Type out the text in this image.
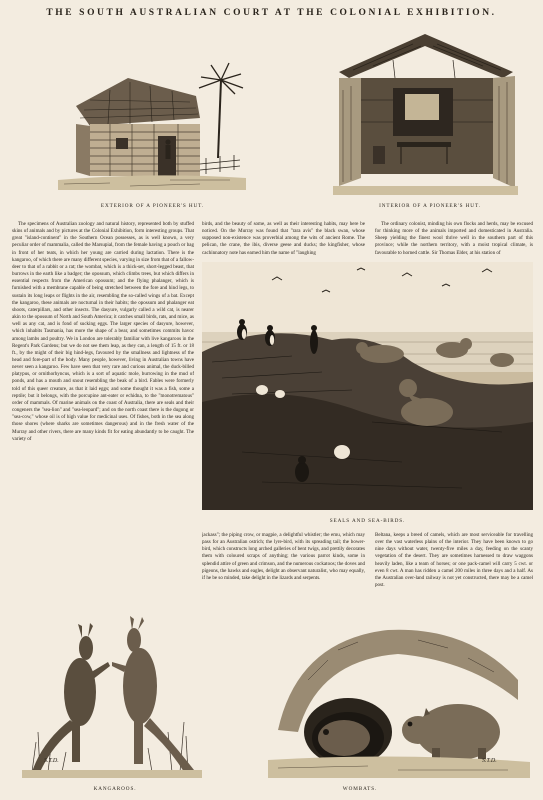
THE SOUTH AUSTRALIAN COURT AT THE COLONIAL EXHIBITION.
EXTERIOR OF A PIONEER'S HUT.	INTERIOR OF A PIONEER'S HUT.

The specimens of Australian zoology and natural history, represented both by stuffed skins of animals and by pictures at the Colonial Exhibition, form interesting groups. That great "island-continent" in the Southern Ocean possesses, as is well known, a very peculiar order of mammalia, called the Marsupial, from the female having a pouch or bag in front of her teats, in which her young are carried during lactation. There is the kangaroo, of which there are many different species, varying in size from that of a fallow-deer to that of a rabbit or a rat; the wombat, which is a thick-set, short-legged beast, that burrows in the earth like a badger; the opossum, which climbs trees, but which differs in essential respects from the American opossum; and the flying phalanger, which is furnished with a membrane capable of being stretched between the fore and hind legs, to sustain its long leaps or flights in the air, resembling the so-called wings of a bat. Except the kangaroo, these animals are nocturnal in their habits; the opossum and phalanger eat shoots, caterpillars, and other insects. The dasyure, vulgarly called a wild cat, is nearer akin to the opossum of North and South America; it catches small birds, rats, and mice, as well as any cat, and is fond of sucking eggs. The larger species of dasyure, however, which inhabits Tasmania, has more the shape of a bear, and sometimes commits havoc among lambs and poultry. We in London are tolerably familiar with live kangaroos in the Regent's Park Gardens; but we do not see them leap, as they can, a length of 15 ft. or 18 ft., by the might of their big hind-legs, favoured by the smallness and lightness of the head and fore-part of the body. Many people, however, living in Australian towns have never seen a kangaroo. Few have seen that very rare and curious animal, the duck-billed platypus, or ornithorhyncus, which is a sort of aquatic mole, burrowing in the mud of ponds, and has a mouth and snout resembling the beak of a bird. Fables were formerly told of this queer creature, as that it laid eggs; and some thought it was a fish, some a reptile; but it belongs, with the porcupine ant-eater or echidna, to the "monotrematous" order of mammals. Of marine animals on the coast of Australia, there are seals and their congeners the "sea-lion" and "sea-leopard"; and on the north coast there is the dugong or "sea-cow," whose oil is of high value for medicinal uses. Of fishes, both in the sea along those shores (where sharks are sometimes dangerous) and in the fresh water of the Murray and other rivers, there are many kinds fit for eating abundantly to be caught. The variety of

birds, and the beauty of some, as well as their interesting habits, may here be noticed. On the Murray was found that "rara avis" the black swan, whose supposed non-existence was proverbial among the wits of ancient Rome. The pelican, the crane, the ibis, diverse geese and ducks; the kingfisher, whose cachinnatory note has earned him the name of "laughing

The ordinary colonist, minding his own flocks and herds, may be excused for thinking more of the animals imported and domesticated in Australia. Sheep yielding the finest wool thrive well in the southern part of this province; while the northern territory, with a moist tropical climate, is favourable to horned cattle. Sir Thomas Elder, at his station of

SEALS AND SEA-BIRDS.

jackass"; the piping crow, or magpie, a delightful whistler; the emu, which may pass for an Australian ostrich; the lyre-bird, with its spreading tail; the bower-bird, which constructs long arched galleries of bent twigs, and prettily decorates them with coloured scraps of anything; the various parrot kinds, some in splendid attire of green and crimson, and the numerous cockatoos; the doves and pigeons, the hawks and eagles, delight an observant naturalist, who may equally, if he be so minded, take delight in the lizards and serpents.

Beltana, keeps a breed of camels, which are most serviceable for travelling over the vast waterless plains of the interior. They have been known to go nine days without water, twenty-five miles a day, feeding on the scanty vegetation of the desert. They are sometimes harnessed to draw waggons heavily laden, like a team of horses; or one pack-camel will carry 5 cwt. or even 8 cwt. A man has ridden a camel 200 miles in three days and a half. As the Australian over-land railway is not yet constructed, there may be a camel post.

S.T.D.
KANGAROOS.
S.T.D.
WOMBATS.
